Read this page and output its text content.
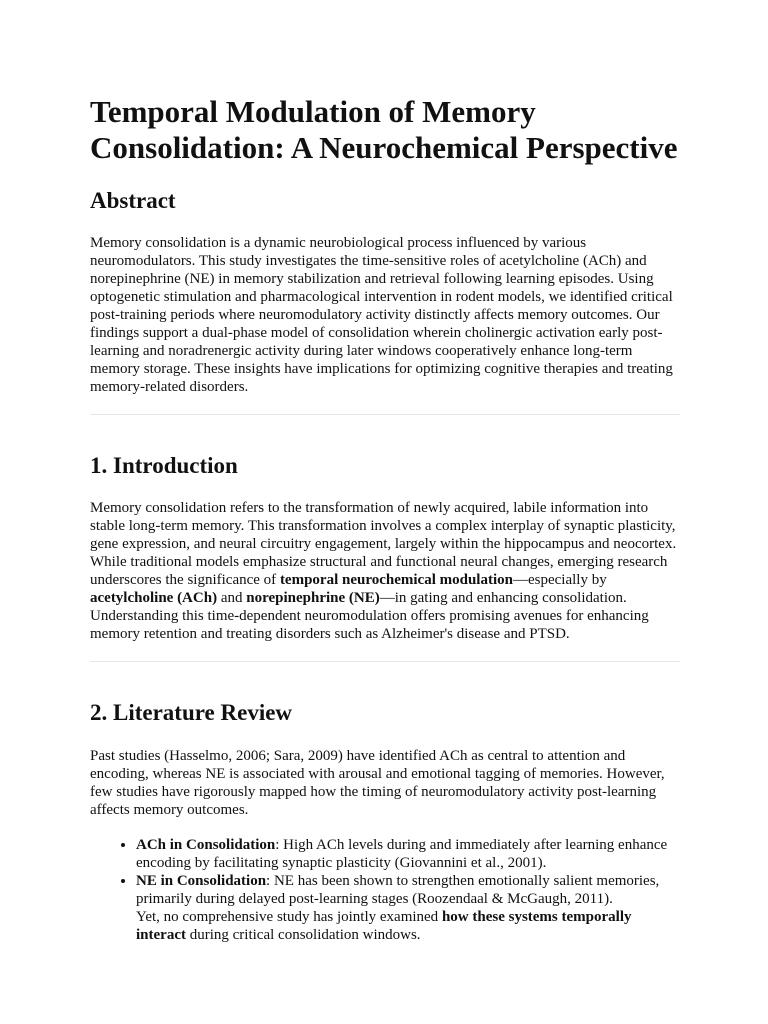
Temporal Modulation of Memory
Consolidation: A Neurochemical Perspective
Abstract

Memory consolidation is a dynamic neurobiological process influenced by various neuromodulators. This study investigates the time-sensitive roles of acetylcholine (ACh) and norepinephrine (NE) in memory stabilization and retrieval following learning episodes. Using optogenetic stimulation and pharmacological intervention in rodent models, we identified critical post-training periods where neuromodulatory activity distinctly affects memory outcomes. Our findings support a dual-phase model of consolidation wherein cholinergic activation early post-learning and noradrenergic activity during later windows cooperatively enhance long-term memory storage. These insights have implications for optimizing cognitive therapies and treating memory-related disorders.

1. Introduction

Memory consolidation refers to the transformation of newly acquired, labile information into stable long-term memory. This transformation involves a complex interplay of synaptic plasticity, gene expression, and neural circuitry engagement, largely within the hippocampus and neocortex. While traditional models emphasize structural and functional neural changes, emerging research underscores the significance of temporal neurochemical modulation—especially by acetylcholine (ACh) and norepinephrine (NE)—in gating and enhancing consolidation. Understanding this time-dependent neuromodulation offers promising avenues for enhancing memory retention and treating disorders such as Alzheimer's disease and PTSD.

2. Literature Review

Past studies (Hasselmo, 2006; Sara, 2009) have identified ACh as central to attention and encoding, whereas NE is associated with arousal and emotional tagging of memories. However, few studies have rigorously mapped how the timing of neuromodulatory activity post-learning affects memory outcomes.

• ACh in Consolidation: High ACh levels during and immediately after learning enhance encoding by facilitating synaptic plasticity (Giovannini et al., 2001).
• NE in Consolidation: NE has been shown to strengthen emotionally salient memories, primarily during delayed post-learning stages (Roozendaal & McGaugh, 2011).
Yet, no comprehensive study has jointly examined how these systems temporally interact during critical consolidation windows.
